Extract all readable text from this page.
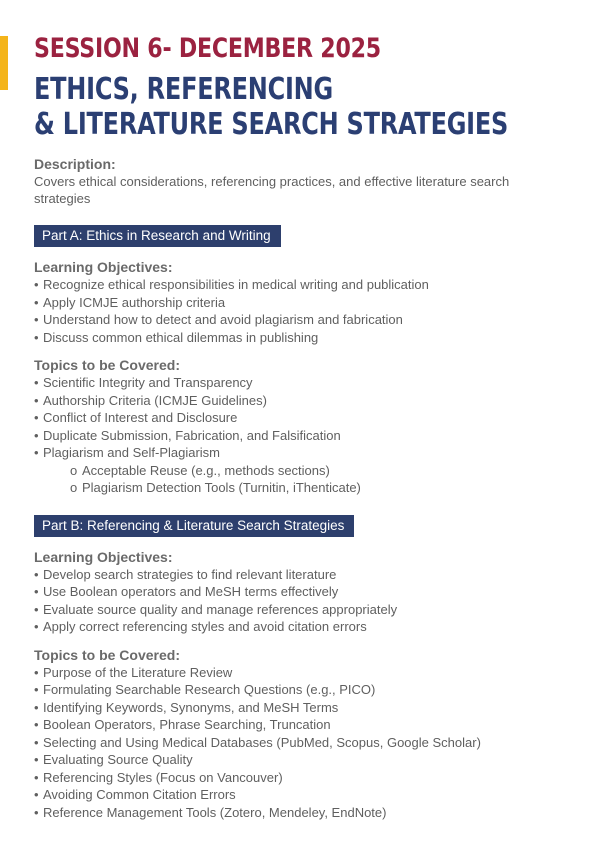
SESSION 6- DECEMBER 2025
ETHICS, REFERENCING
& LITERATURE SEARCH STRATEGIES
Description:
Covers ethical considerations, referencing practices, and effective literature search strategies
Part A: Ethics in Research and Writing
Learning Objectives:
• Recognize ethical responsibilities in medical writing and publication
• Apply ICMJE authorship criteria
• Understand how to detect and avoid plagiarism and fabrication
• Discuss common ethical dilemmas in publishing
Topics to be Covered:
• Scientific Integrity and Transparency
• Authorship Criteria (ICMJE Guidelines)
• Conflict of Interest and Disclosure
• Duplicate Submission, Fabrication, and Falsification
• Plagiarism and Self-Plagiarism
o Acceptable Reuse (e.g., methods sections)
o Plagiarism Detection Tools (Turnitin, iThenticate)
Part B: Referencing & Literature Search Strategies
Learning Objectives:
• Develop search strategies to find relevant literature
• Use Boolean operators and MeSH terms effectively
• Evaluate source quality and manage references appropriately
• Apply correct referencing styles and avoid citation errors
Topics to be Covered:
• Purpose of the Literature Review
• Formulating Searchable Research Questions (e.g., PICO)
• Identifying Keywords, Synonyms, and MeSH Terms
• Boolean Operators, Phrase Searching, Truncation
• Selecting and Using Medical Databases (PubMed, Scopus, Google Scholar)
• Evaluating Source Quality
• Referencing Styles (Focus on Vancouver)
• Avoiding Common Citation Errors
• Reference Management Tools (Zotero, Mendeley, EndNote)
